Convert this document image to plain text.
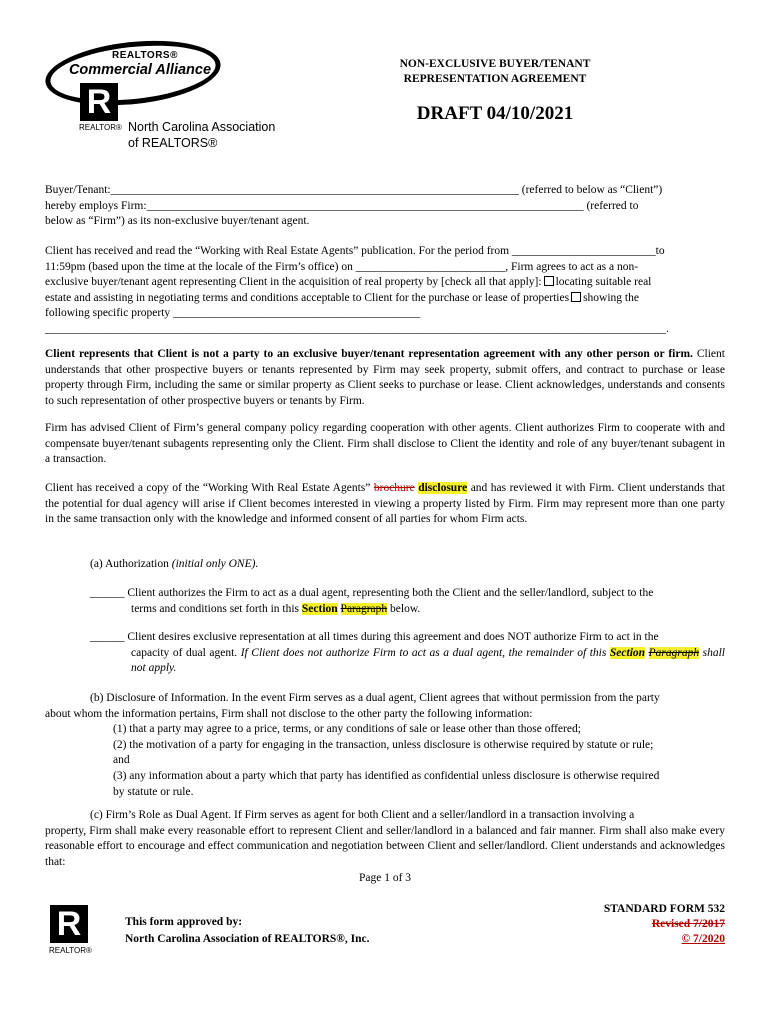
REALTORS®
Commercial Alliance
R
REALTOR® North Carolina Association
of REALTORS®
NON-EXCLUSIVE BUYER/TENANT
REPRESENTATION AGREEMENT
DRAFT 04/10/2021
Buyer/Tenant:_______________________________________________________________________ (referred to below as “Client”)
hereby employs Firm:____________________________________________________________________________ (referred to
below as “Firm”) as its non-exclusive buyer/tenant agent.
Client has received and read the “Working with Real Estate Agents” publication. For the period from _________________________to
11:59pm (based upon the time at the locale of the Firm’s office) on __________________________, Firm agrees to act as a non-
exclusive buyer/tenant agent representing Client in the acquisition of real property by [check all that apply]: locating suitable real
estate and assisting in negotiating terms and conditions acceptable to Client for the purchase or lease of properties showing the
following specific property ___________________________________________
____________________________________________________________________________________________________________.
Client represents that Client is not a party to an exclusive buyer/tenant representation agreement with any other person or firm. Client understands that other prospective buyers or tenants represented by Firm may seek property, submit offers, and contract to purchase or lease property through Firm, including the same or similar property as Client seeks to purchase or lease. Client acknowledges, understands and consents to such representation of other prospective buyers or tenants by Firm.
Firm has advised Client of Firm’s general company policy regarding cooperation with other agents. Client authorizes Firm to cooperate with and compensate buyer/tenant subagents representing only the Client. Firm shall disclose to Client the identity and role of any buyer/tenant subagent in a transaction.
Client has received a copy of the “Working With Real Estate Agents” brochure disclosure and has reviewed it with Firm. Client understands that the potential for dual agency will arise if Client becomes interested in viewing a property listed by Firm. Firm may represent more than one party in the same transaction only with the knowledge and informed consent of all parties for whom Firm acts.
(a) Authorization (initial only ONE).
______ Client authorizes the Firm to act as a dual agent, representing both the Client and the seller/landlord, subject to the
terms and conditions set forth in this Section Paragraph below.
______ Client desires exclusive representation at all times during this agreement and does NOT authorize Firm to act in the
capacity of dual agent. If Client does not authorize Firm to act as a dual agent, the remainder of this Section Paragraph shall not apply.
(b) Disclosure of Information. In the event Firm serves as a dual agent, Client agrees that without permission from the party
about whom the information pertains, Firm shall not disclose to the other party the following information:
(1) that a party may agree to a price, terms, or any conditions of sale or lease other than those offered;
(2) the motivation of a party for engaging in the transaction, unless disclosure is otherwise required by statute or rule;
and
(3) any information about a party which that party has identified as confidential unless disclosure is otherwise required
by statute or rule.
(c) Firm’s Role as Dual Agent. If Firm serves as agent for both Client and a seller/landlord in a transaction involving a
property, Firm shall make every reasonable effort to represent Client and seller/landlord in a balanced and fair manner. Firm shall also make every reasonable effort to encourage and effect communication and negotiation between Client and seller/landlord. Client understands and acknowledges that:
Page 1 of 3
R
REALTOR®
This form approved by:
North Carolina Association of REALTORS®, Inc.
STANDARD FORM 532
Revised 7/2017
© 7/2020
